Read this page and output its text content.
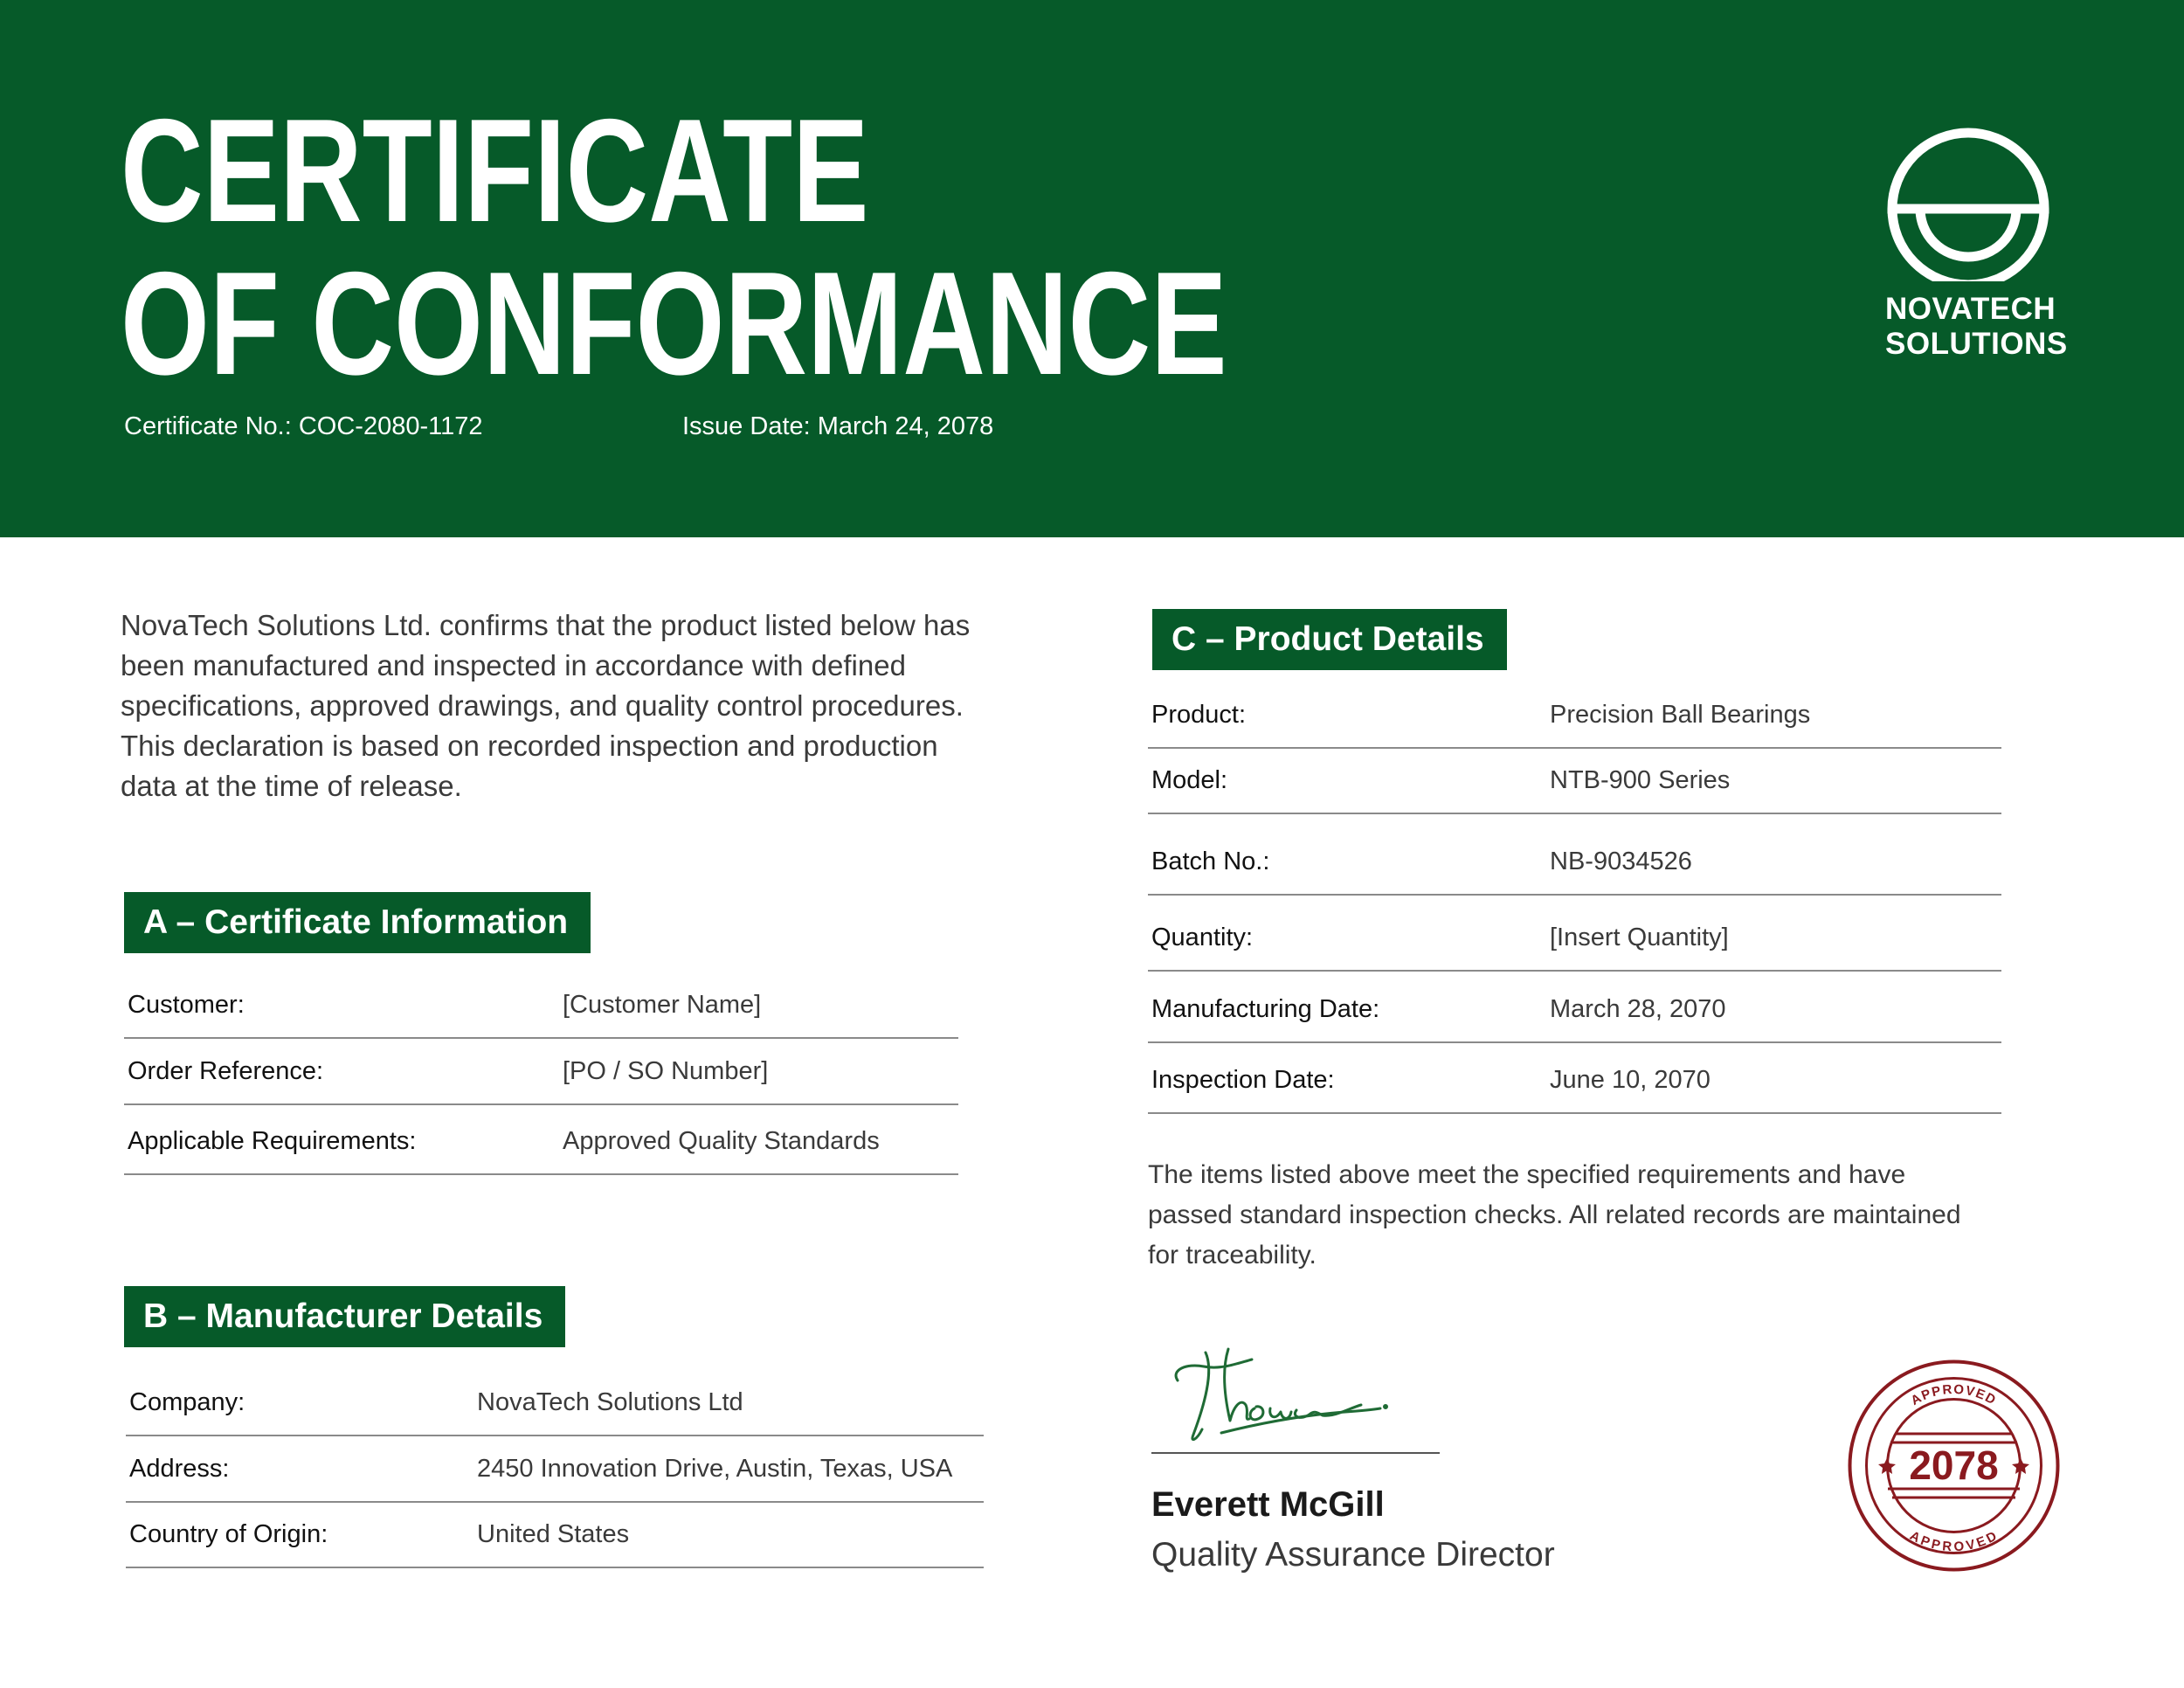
CERTIFICATE
OF CONFORMANCE
Certificate No.: COC-2080-1172	Issue Date: March 24, 2078
NOVATECH
SOLUTIONS

NovaTech Solutions Ltd. confirms that the product listed below has been manufactured and inspected in accordance with defined specifications, approved drawings, and quality control procedures. This declaration is based on recorded inspection and production data at the time of release.

A – Certificate Information
Customer:	[Customer Name]
Order Reference:	[PO / SO Number]
Applicable Requirements:	Approved Quality Standards
B – Manufacturer Details
Company:	NovaTech Solutions Ltd
Address:	2450 Innovation Drive, Austin, Texas, USA
Country of Origin:	United States
C – Product Details
Product:	Precision Ball Bearings
Model:	NTB-900 Series
Batch No.:	NB-9034526
Quantity:	[Insert Quantity]
Manufacturing Date:	March 28, 2070
Inspection Date:	June 10, 2070

The items listed above meet the specified requirements and have passed standard inspection checks. All related records are maintained for traceability.

Everett McGill
Quality Assurance Director
APPROVED
APPROVED
2078
